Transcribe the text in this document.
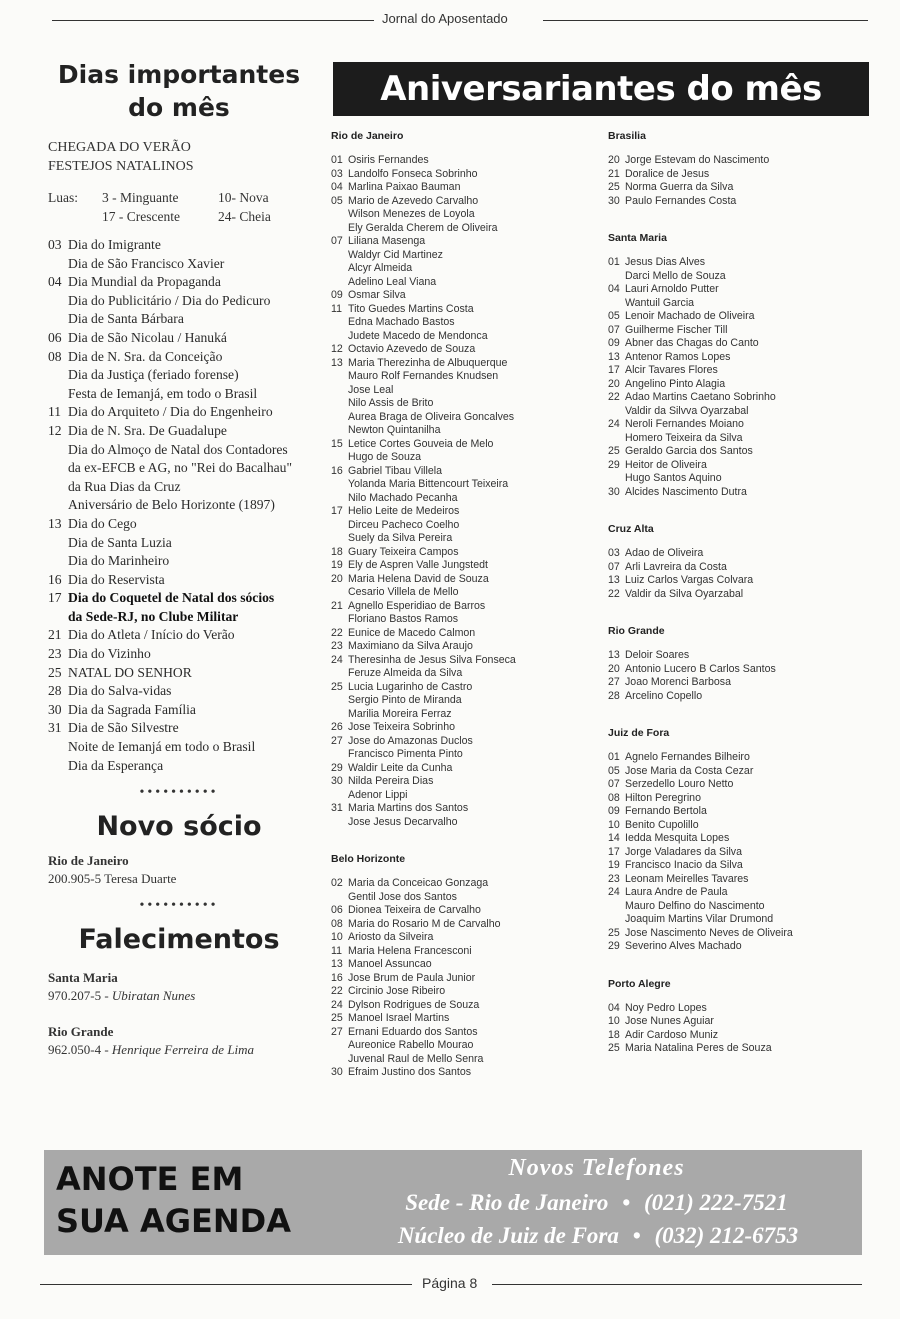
Jornal do Aposentado
Dias importantes
do mês
CHEGADA DO VERÃO
FESTEJOS NATALINOS
Luas:	3 - Minguante	10- Nova
	17 - Crescente	24- Cheia
03 Dia do Imigrante
Dia de São Francisco Xavier
04 Dia Mundial da Propaganda
Dia do Publicitário / Dia do Pedicuro
Dia de Santa Bárbara
06 Dia de São Nicolau / Hanuká
08 Dia de N. Sra. da Conceição
Dia da Justiça (feriado forense)
Festa de Iemanjá, em todo o Brasil
11 Dia do Arquiteto / Dia do Engenheiro
12 Dia de N. Sra. De Guadalupe
Dia do Almoço de Natal dos Contadores
da ex-EFCB e AG, no "Rei do Bacalhau"
da Rua Dias da Cruz
Aniversário de Belo Horizonte (1897)
13 Dia do Cego
Dia de Santa Luzia
Dia do Marinheiro
16 Dia do Reservista
17 Dia do Coquetel de Natal dos sócios
da Sede-RJ, no Clube Militar
21 Dia do Atleta / Início do Verão
23 Dia do Vizinho
25 NATAL DO SENHOR
28 Dia do Salva-vidas
30 Dia da Sagrada Família
31 Dia de São Silvestre
Noite de Iemanjá em todo o Brasil
Dia da Esperança
••••••••••
Novo sócio
Rio de Janeiro
200.905-5 Teresa Duarte
••••••••••
Falecimentos
Santa Maria
970.207-5 - Ubiratan Nunes
Rio Grande
962.050-4 - Henrique Ferreira de Lima
Aniversariantes do mês
Rio de Janeiro
01 Osiris Fernandes
03 Landolfo Fonseca Sobrinho
04 Marlina Paixao Bauman
05 Mario de Azevedo Carvalho
Wilson Menezes de Loyola
Ely Geralda Cherem de Oliveira
07 Liliana Masenga
Waldyr Cid Martinez
Alcyr Almeida
Adelino Leal Viana
09 Osmar Silva
11 Tito Guedes Martins Costa
Edna Machado Bastos
Judete Macedo de Mendonca
12 Octavio Azevedo de Souza
13 Maria Therezinha de Albuquerque
Mauro Rolf Fernandes Knudsen
Jose Leal
Nilo Assis de Brito
Aurea Braga de Oliveira Goncalves
Newton Quintanilha
15 Letice Cortes Gouveia de Melo
Hugo de Souza
16 Gabriel Tibau Villela
Yolanda Maria Bittencourt Teixeira
Nilo Machado Pecanha
17 Helio Leite de Medeiros
Dirceu Pacheco Coelho
Suely da Silva Pereira
18 Guary Teixeira Campos
19 Ely de Aspren Valle Jungstedt
20 Maria Helena David de Souza
Cesario Villela de Mello
21 Agnello Esperidiao de Barros
Floriano Bastos Ramos
22 Eunice de Macedo Calmon
23 Maximiano da Silva Araujo
24 Theresinha de Jesus Silva Fonseca
Feruze Almeida da Silva
25 Lucia Lugarinho de Castro
Sergio Pinto de Miranda
Marilia Moreira Ferraz
26 Jose Teixeira Sobrinho
27 Jose do Amazonas Duclos
Francisco Pimenta Pinto
29 Waldir Leite da Cunha
30 Nilda Pereira Dias
Adenor Lippi
31 Maria Martins dos Santos
Jose Jesus Decarvalho
Belo Horizonte
02 Maria da Conceicao Gonzaga
Gentil Jose dos Santos
06 Dionea Teixeira de Carvalho
08 Maria do Rosario M de Carvalho
10 Ariosto da Silveira
11 Maria Helena Francesconi
13 Manoel Assuncao
16 Jose Brum de Paula Junior
22 Circinio Jose Ribeiro
24 Dylson Rodrigues de Souza
25 Manoel Israel Martins
27 Ernani Eduardo dos Santos
Aureonice Rabello Mourao
Juvenal Raul de Mello Senra
30 Efraim Justino dos Santos
Brasilia
20 Jorge Estevam do Nascimento
21 Doralice de Jesus
25 Norma Guerra da Silva
30 Paulo Fernandes Costa
Santa Maria
01 Jesus Dias Alves
Darci Mello de Souza
04 Lauri Arnoldo Putter
Wantuil Garcia
05 Lenoir Machado de Oliveira
07 Guilherme Fischer Till
09 Abner das Chagas do Canto
13 Antenor Ramos Lopes
17 Alcir Tavares Flores
20 Angelino Pinto Alagia
22 Adao Martins Caetano Sobrinho
Valdir da Silvva Oyarzabal
24 Neroli Fernandes Moiano
Homero Teixeira da Silva
25 Geraldo Garcia dos Santos
29 Heitor de Oliveira
Hugo Santos Aquino
30 Alcides Nascimento Dutra
Cruz Alta
03 Adao de Oliveira
07 Arli Lavreira da Costa
13 Luiz Carlos Vargas Colvara
22 Valdir da Silva Oyarzabal
Rio Grande
13 Deloir Soares
20 Antonio Lucero B Carlos Santos
27 Joao Morenci Barbosa
28 Arcelino Copello
Juiz de Fora
01 Agnelo Fernandes Bilheiro
05 Jose Maria da Costa Cezar
07 Serzedello Louro Netto
08 Hilton Peregrino
09 Fernando Bertola
10 Benito Cupolillo
14 Iedda Mesquita Lopes
17 Jorge Valadares da Silva
19 Francisco Inacio da Silva
23 Leonam Meirelles Tavares
24 Laura Andre de Paula
Mauro Delfino do Nascimento
Joaquim Martins Vilar Drumond
25 Jose Nascimento Neves de Oliveira
29 Severino Alves Machado
Porto Alegre
04 Noy Pedro Lopes
10 Jose Nunes Aguiar
18 Adir Cardoso Muniz
25 Maria Natalina Peres de Souza
ANOTE EM
SUA AGENDA
Novos Telefones
Sede - Rio de Janeiro • (021) 222-7521
Núcleo de Juiz de Fora • (032) 212-6753
Página 8
